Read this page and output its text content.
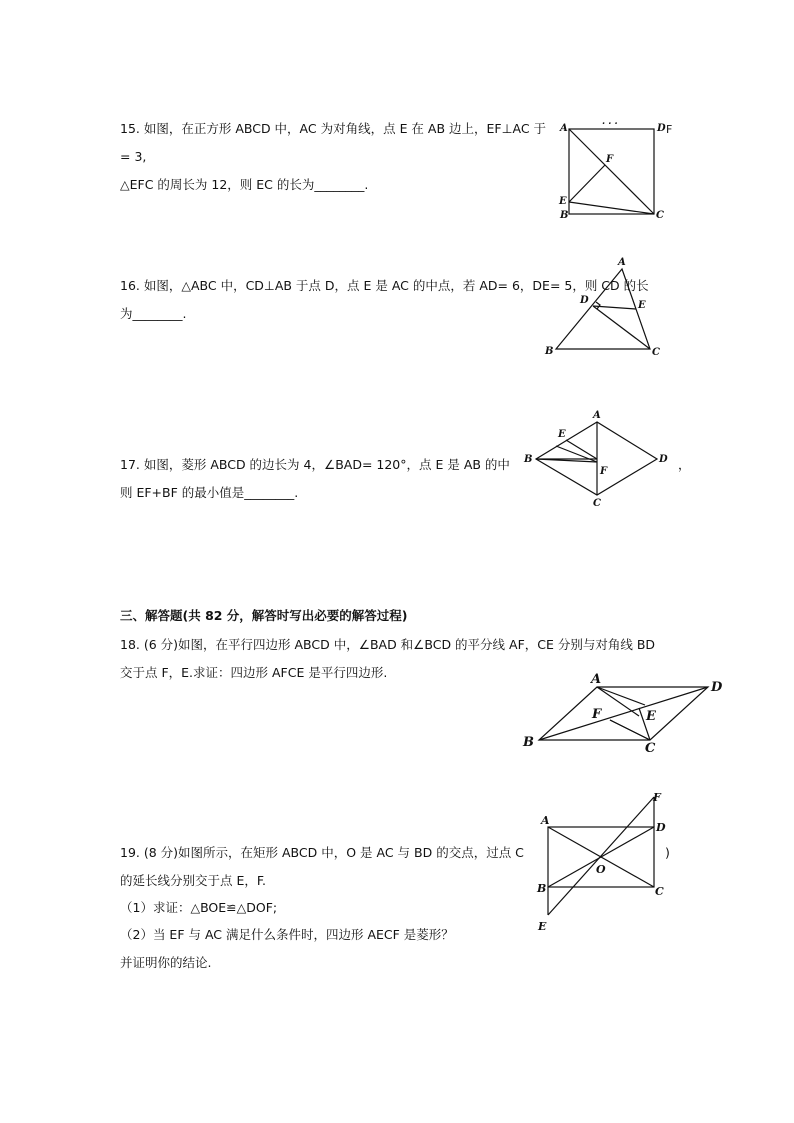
15. 如图，在正方形 ABCD 中，AC 为对角线，点 E 在 AB 边上，EF⊥AC 于
= 3,
△EFC 的周长为 12，则 EC 的长为________.
. . .
A	D F
F
E
B	C
16. 如图，△ABC 中，CD⊥AB 于点 D，点 E 是 AC 的中点，若 AD= 6，DE= 5，则 CD 的长
为________.
A
D	E
B	C
17. 如图，菱形 ABCD 的边长为 4，∠BAD= 120°，点 E 是 AB 的中	，
则 EF+BF 的最小值是________.
A
E
B
F
D
C
三、解答题(共 82 分，解答时写出必要的解答过程)
18. (6 分)如图，在平行四边形 ABCD 中，∠BAD 和∠BCD 的平分线 AF，CE 分别与对角线 BD
交于点 F，E.求证：四边形 AFCE 是平行四边形.	A
D
F	E
B	C
19. (8 分)如图所示，在矩形 ABCD 中，O 是 AC 与 BD 的交点，过点 C	)
的延长线分别交于点 E，F.
（1）求证：△BOE≌△DOF;
（2）当 EF 与 AC 满足什么条件时，四边形 AECF 是菱形？
并证明你的结论.
F
A
D
O
B	C
E
